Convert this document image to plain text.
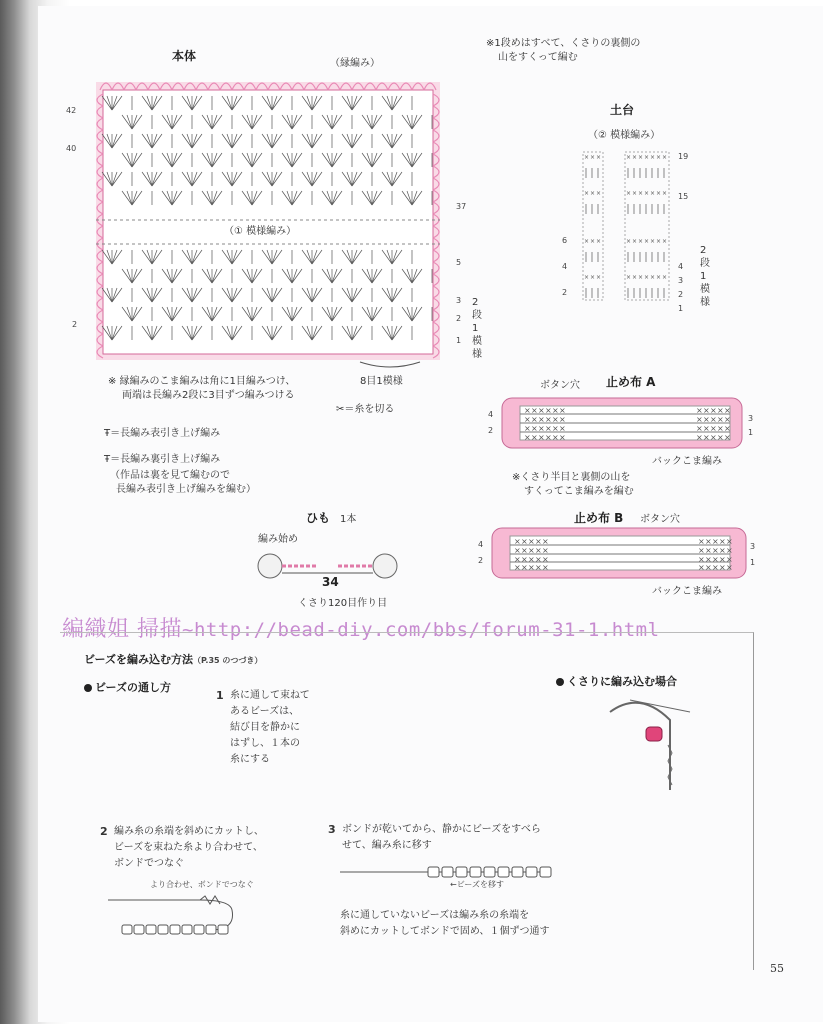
× × ×	× × × × × × ×
× × ×	× × × × × × ×
× × ×	× × × × × × ×
× × ×	× × × × × × ×
× × × × × ×
× × × × × ×
× × × × × ×
× × × × × ×
× × × × ×
× × × × ×
× × × × ×
× × × × ×
× × × × ×
× × × × ×
× × × × ×
× × × × ×
× × × × ×
× × × × ×
× × × × ×
× × × × ×
本体
（縁編み）
（① 模様編み）
42
40
37
5
3
2
1
2
8目1模様
2段1模様
※ 縁編みのこま編みは角に1目編みつけ、
両端は長編み2段に3目ずつ編みつける
✂＝糸を切る
※1段めはすべて、くさりの裏側の
山をすくって編む
土台
（② 模様編み）
19
15
4
3
2
1
6
4
2
2段1模様
Ŧ＝長編み表引き上げ編み
Ŧ＝長編み裏引き上げ編み
（作品は裏を見て編むので
長編み表引き上げ編みを編む）
止め布 A
ボタン穴
3
1
4
2
バックこま編み
※くさり半目と裏側の山を
すくってこま編みを編む
止め布 B ボタン穴
3
1
4
2
バックこま編み
ひも 1本
編み始め
34
くさり120目作り目
編織姐 掃描~http://bead-diy.com/bbs/forum-31-1.html
ビーズを編み込む方法（P.35 のつづき）
ビーズの通し方	くさりに編み込む場合
1 糸に通して束ねて
あるビーズは、
結び目を静かに
はずし、１本の
糸にする
2 編み糸の糸端を斜めにカットし、
ビーズを束ねた糸より合わせて、
ボンドでつなぐ
より合わせ、ボンドでつなぐ
3 ボンドが乾いてから、静かにビーズをすべら
せて、編み糸に移す
←ビーズを移す
糸に通していないビーズは編み糸の糸端を
斜めにカットしてボンドで固め、１個ずつ通す
55
